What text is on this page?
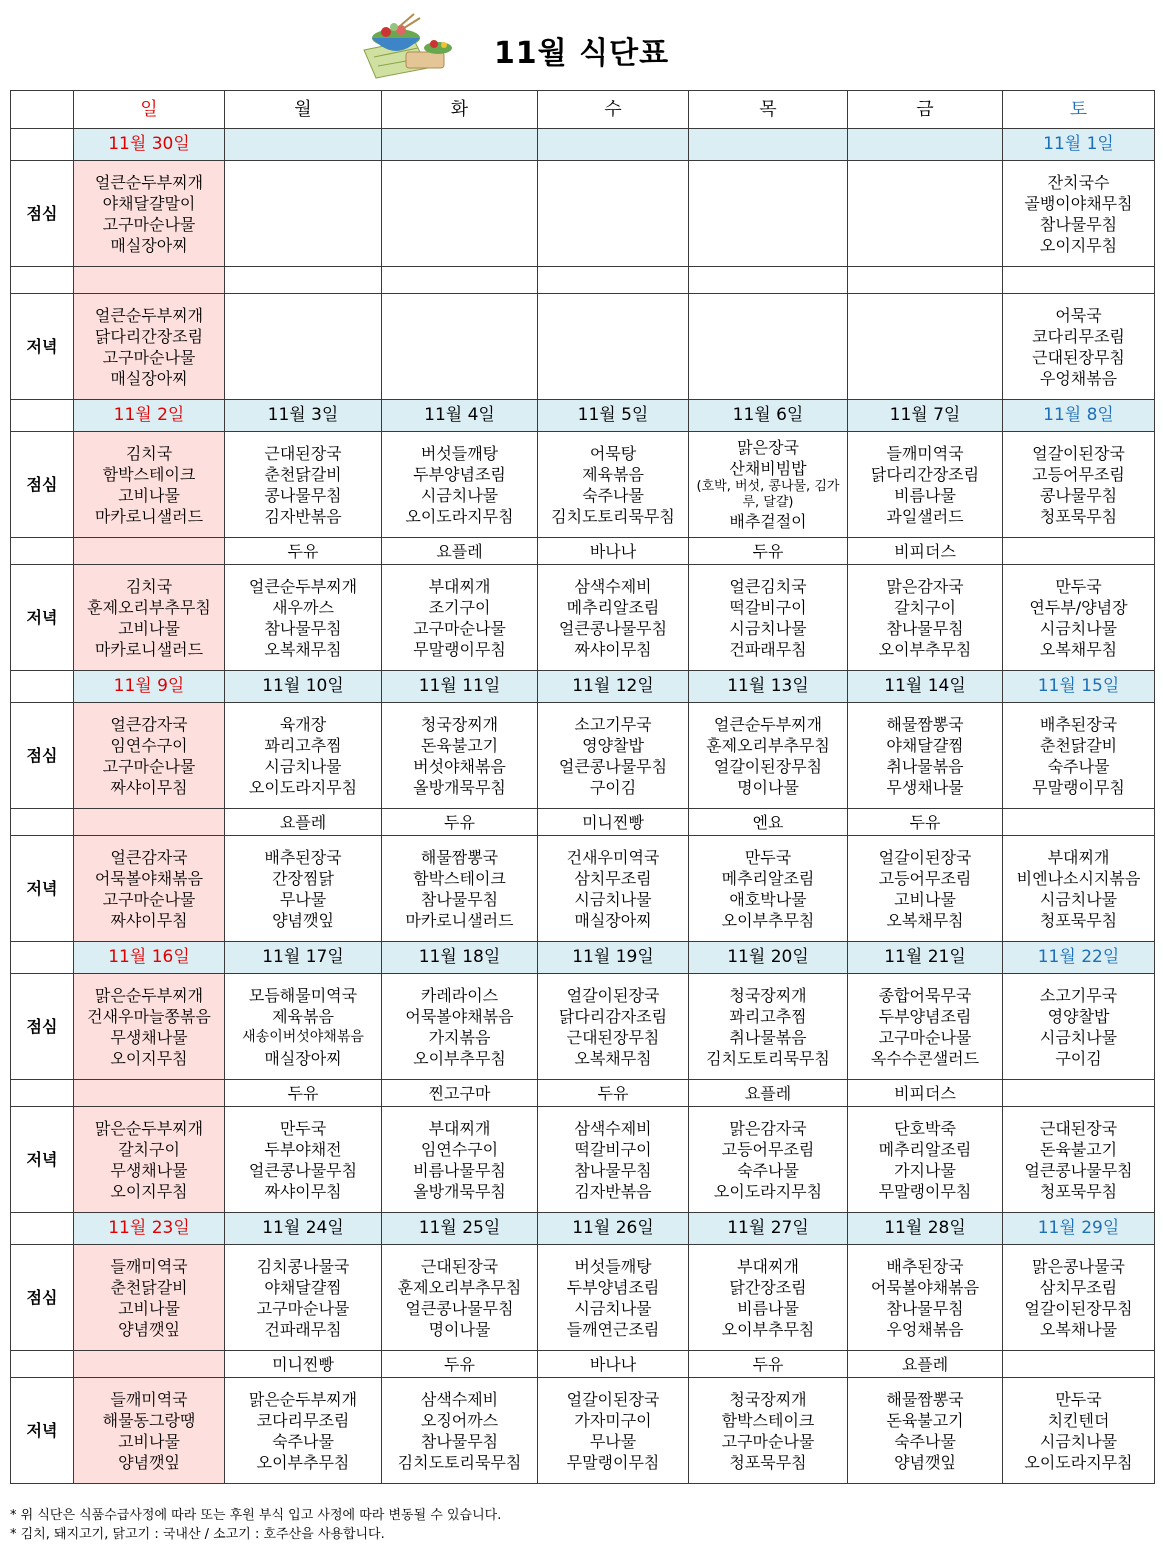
11월 식단표
	일	월	화	수	목	금	토
	11월 30일						11월 1일
점심	얼큰순두부찌개
야채달걀말이
고구마순나물
매실장아찌						잔치국수
골뱅이야채무침
참나물무침
오이지무침

저녁	얼큰순두부찌개
닭다리간장조림
고구마순나물
매실장아찌						어묵국
코다리무조림
근대된장무침
우엉채볶음

	11월 2일	11월 3일	11월 4일	11월 5일	11월 6일	11월 7일	11월 8일
점심	김치국
함박스테이크
고비나물
마카로니샐러드	근대된장국
춘천닭갈비
콩나물무침
김자반볶음	버섯들깨탕
두부양념조림
시금치나물
오이도라지무침	어묵탕
제육볶음
숙주나물
김치도토리묵무침	맑은장국
산채비빔밥
(호박, 버섯, 콩나물, 김가루, 달걀)
배추겉절이	들깨미역국
닭다리간장조림
비름나물
과일샐러드	얼갈이된장국
고등어무조림
콩나물무침
청포묵무침

		두유	요플레	바나나	두유	비피더스	
저녁	김치국
훈제오리부추무침
고비나물
마카로니샐러드	얼큰순두부찌개
새우까스
참나물무침
오복채무침	부대찌개
조기구이
고구마순나물
무말랭이무침	삼색수제비
메추리알조림
얼큰콩나물무침
짜샤이무침	얼큰김치국
떡갈비구이
시금치나물
건파래무침	맑은감자국
갈치구이
참나물무침
오이부추무침	만두국
연두부/양념장
시금치나물
오복채무침

	11월 9일	11월 10일	11월 11일	11월 12일	11월 13일	11월 14일	11월 15일
점심	얼큰감자국
임연수구이
고구마순나물
짜샤이무침	육개장
꽈리고추찜
시금치나물
오이도라지무침	청국장찌개
돈육불고기
버섯야채볶음
올방개묵무침	소고기무국
영양찰밥
얼큰콩나물무침
구이김	얼큰순두부찌개
훈제오리부추무침
얼갈이된장무침
명이나물	해물짬뽕국
야채달걀찜
취나물볶음
무생채나물	배추된장국
춘천닭갈비
숙주나물
무말랭이무침

		요플레	두유	미니찐빵	엔요	두유	
저녁	얼큰감자국
어묵볼야채볶음
고구마순나물
짜샤이무침	배추된장국
간장찜닭
무나물
양념깻잎	해물짬뽕국
함박스테이크
참나물무침
마카로니샐러드	건새우미역국
삼치무조림
시금치나물
매실장아찌	만두국
메추리알조림
애호박나물
오이부추무침	얼갈이된장국
고등어무조림
고비나물
오복채무침	부대찌개
비엔나소시지볶음
시금치나물
청포묵무침

	11월 16일	11월 17일	11월 18일	11월 19일	11월 20일	11월 21일	11월 22일
점심	맑은순두부찌개
건새우마늘쫑볶음
무생채나물
오이지무침	모듬해물미역국
제육볶음
새송이버섯야채볶음
매실장아찌	카레라이스
어묵볼야채볶음
가지볶음
오이부추무침	얼갈이된장국
닭다리감자조림
근대된장무침
오복채무침	청국장찌개
꽈리고추찜
취나물볶음
김치도토리묵무침	종합어묵무국
두부양념조림
고구마순나물
옥수수콘샐러드	소고기무국
영양찰밥
시금치나물
구이김

		두유	찐고구마	두유	요플레	비피더스	
저녁	맑은순두부찌개
갈치구이
무생채나물
오이지무침	만두국
두부야채전
얼큰콩나물무침
짜샤이무침	부대찌개
임연수구이
비름나물무침
올방개묵무침	삼색수제비
떡갈비구이
참나물무침
김자반볶음	맑은감자국
고등어무조림
숙주나물
오이도라지무침	단호박죽
메추리알조림
가지나물
무말랭이무침	근대된장국
돈육불고기
얼큰콩나물무침
청포묵무침

	11월 23일	11월 24일	11월 25일	11월 26일	11월 27일	11월 28일	11월 29일
점심	들깨미역국
춘천닭갈비
고비나물
양념깻잎	김치콩나물국
야채달걀찜
고구마순나물
건파래무침	근대된장국
훈제오리부추무침
얼큰콩나물무침
명이나물	버섯들깨탕
두부양념조림
시금치나물
들깨연근조림	부대찌개
닭간장조림
비름나물
오이부추무침	배추된장국
어묵볼야채볶음
참나물무침
우엉채볶음	맑은콩나물국
삼치무조림
얼갈이된장무침
오복채나물

		미니찐빵	두유	바나나	두유	요플레	
저녁	들깨미역국
해물동그랑땡
고비나물
양념깻잎	맑은순두부찌개
코다리무조림
숙주나물
오이부추무침	삼색수제비
오징어까스
참나물무침
김치도토리묵무침	얼갈이된장국
가자미구이
무나물
무말랭이무침	청국장찌개
함박스테이크
고구마순나물
청포묵무침	해물짬뽕국
돈육불고기
숙주나물
양념깻잎	만두국
치킨텐더
시금치나물
오이도라지무침
* 위 식단은 식품수급사정에 따라 또는 후원 부식 입고 사정에 따라 변동될 수 있습니다.
* 김치, 돼지고기, 닭고기 : 국내산 / 소고기 : 호주산을 사용합니다.
